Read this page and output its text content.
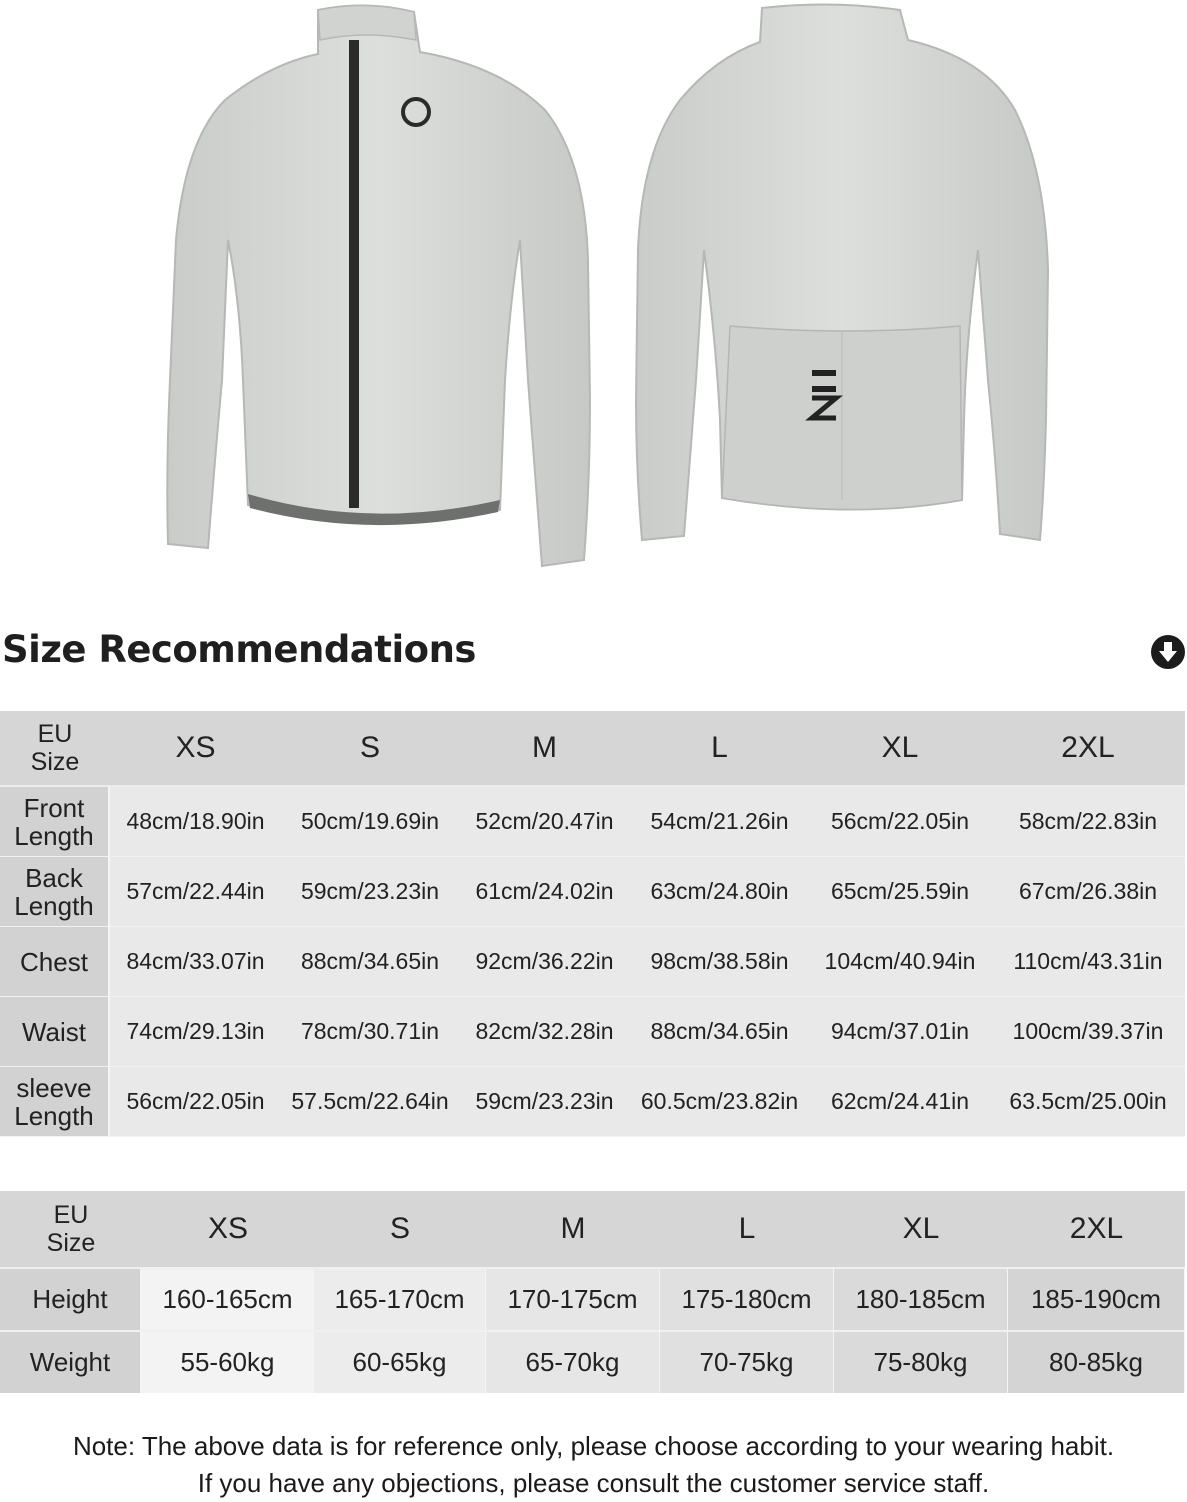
Size Recommendations
EU
Size	XS	S	M	L	XL	2XL

Front
Length	48cm/18.90in	50cm/19.69in	52cm/20.47in	54cm/21.26in	56cm/22.05in	58cm/22.83in

Back
Length	57cm/22.44in	59cm/23.23in	61cm/24.02in	63cm/24.80in	65cm/25.59in	67cm/26.38in

Chest	84cm/33.07in	88cm/34.65in	92cm/36.22in	98cm/38.58in	104cm/40.94in	110cm/43.31in

Waist	74cm/29.13in	78cm/30.71in	82cm/32.28in	88cm/34.65in	94cm/37.01in	100cm/39.37in

sleeve
Length	56cm/22.05in	57.5cm/22.64in	59cm/23.23in	60.5cm/23.82in	62cm/24.41in	63.5cm/25.00in
EU
Size	XS	S	M	L	XL	2XL
Height	160-165cm	165-170cm	170-175cm	175-180cm	180-185cm	185-190cm
Weight	55-60kg	60-65kg	65-70kg	70-75kg	75-80kg	80-85kg
Note: The above data is for reference only, please choose according to your wearing habit.
If you have any objections, please consult the customer service staff.
